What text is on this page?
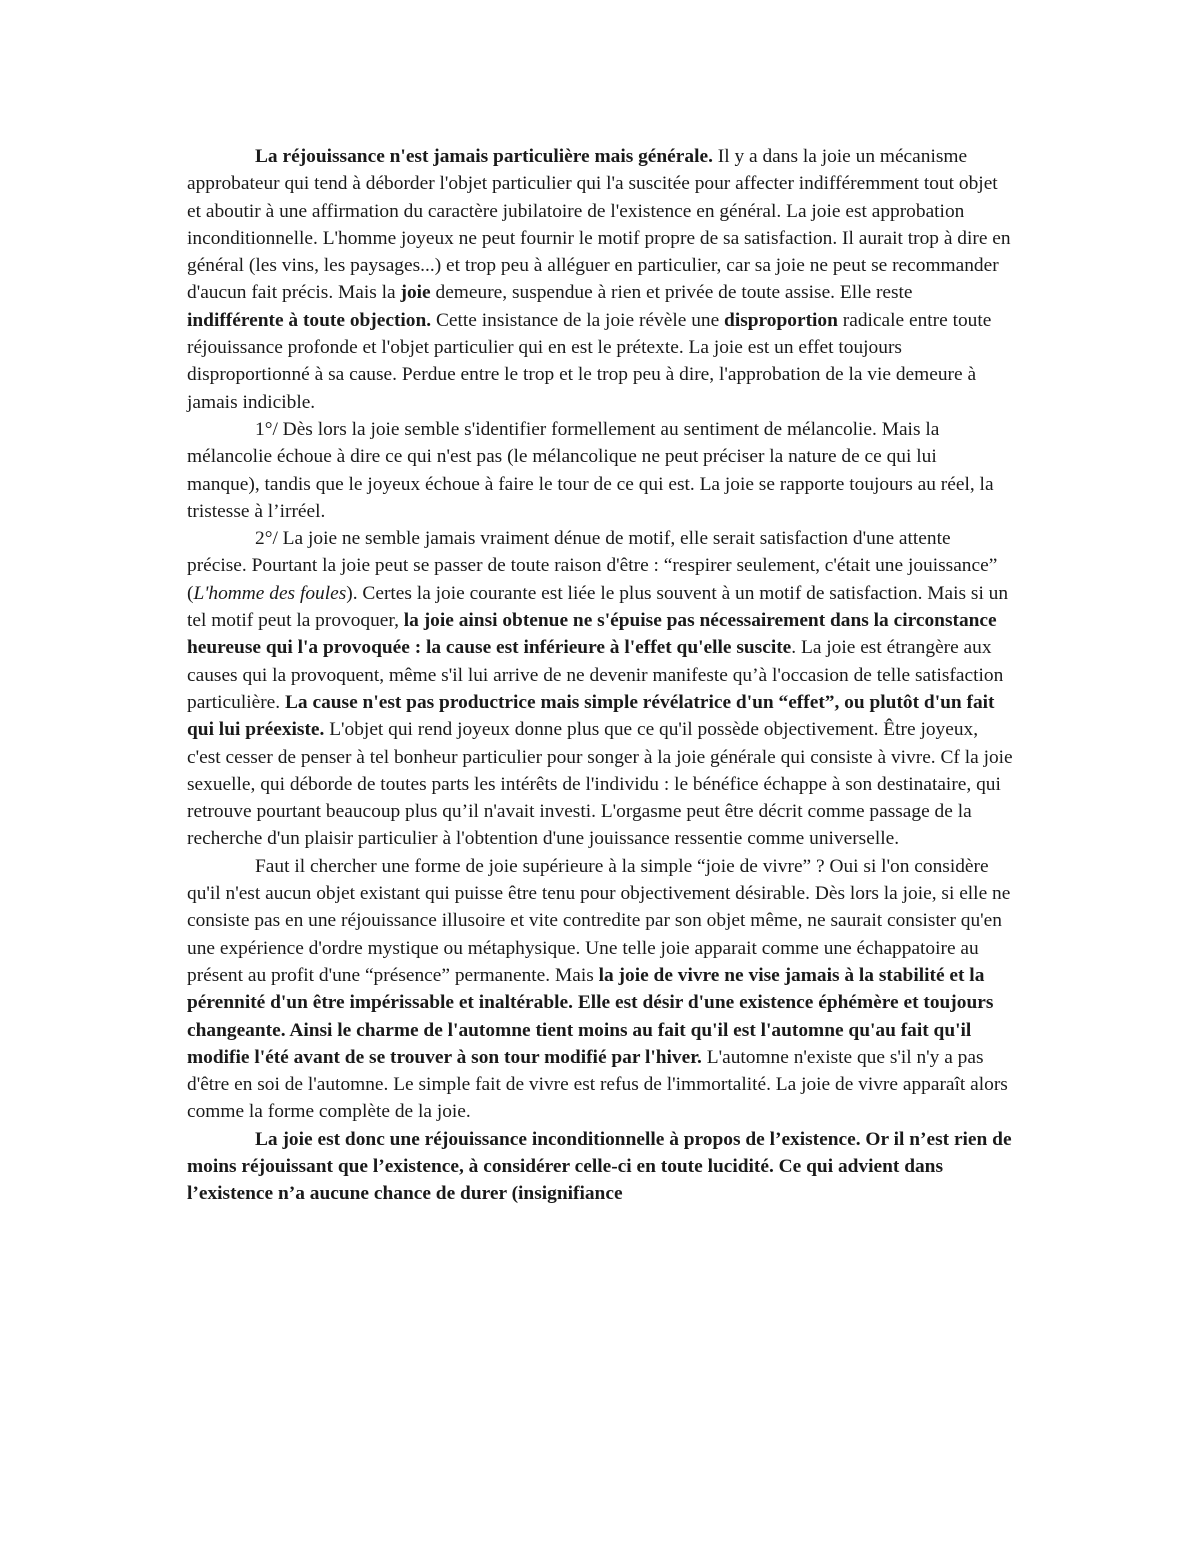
La réjouissance n'est jamais particulière mais générale. Il y a dans la joie un mécanisme approbateur qui tend à déborder l'objet particulier qui l'a suscitée pour affecter indifféremment tout objet et aboutir à une affirmation du caractère jubilatoire de l'existence en général. La joie est approbation inconditionnelle. L'homme joyeux ne peut fournir le motif propre de sa satisfaction. Il aurait trop à dire en général (les vins, les paysages...) et trop peu à alléguer en particulier, car sa joie ne peut se recommander d'aucun fait précis. Mais la joie demeure, suspendue à rien et privée de toute assise. Elle reste indifférente à toute objection. Cette insistance de la joie révèle une disproportion radicale entre toute réjouissance profonde et l'objet particulier qui en est le prétexte. La joie est un effet toujours disproportionné à sa cause. Perdue entre le trop et le trop peu à dire, l'approbation de la vie demeure à jamais indicible.

1°/ Dès lors la joie semble s'identifier formellement au sentiment de mélancolie. Mais la mélancolie échoue à dire ce qui n'est pas (le mélancolique ne peut préciser la nature de ce qui lui manque), tandis que le joyeux échoue à faire le tour de ce qui est. La joie se rapporte toujours au réel, la tristesse à l’irréel.

2°/ La joie ne semble jamais vraiment dénue de motif, elle serait satisfaction d'une attente précise. Pourtant la joie peut se passer de toute raison d'être : “respirer seulement, c'était une jouissance” (L'homme des foules). Certes la joie courante est liée le plus souvent à un motif de satisfaction. Mais si un tel motif peut la provoquer, la joie ainsi obtenue ne s'épuise pas nécessairement dans la circonstance heureuse qui l'a provoquée : la cause est inférieure à l'effet qu'elle suscite. La joie est étrangère aux causes qui la provoquent, même s'il lui arrive de ne devenir manifeste qu’à l'occasion de telle satisfaction particulière. La cause n'est pas productrice mais simple révélatrice d'un “effet”, ou plutôt d'un fait qui lui préexiste. L'objet qui rend joyeux donne plus que ce qu'il possède objectivement. Être joyeux, c'est cesser de penser à tel bonheur particulier pour songer à la joie générale qui consiste à vivre. Cf la joie sexuelle, qui déborde de toutes parts les intérêts de l'individu : le bénéfice échappe à son destinataire, qui retrouve pourtant beaucoup plus qu’il n'avait investi. L'orgasme peut être décrit comme passage de la recherche d'un plaisir particulier à l'obtention d'une jouissance ressentie comme universelle.

Faut il chercher une forme de joie supérieure à la simple “joie de vivre” ? Oui si l'on considère qu'il n'est aucun objet existant qui puisse être tenu pour objectivement désirable. Dès lors la joie, si elle ne consiste pas en une réjouissance illusoire et vite contredite par son objet même, ne saurait consister qu'en une expérience d'ordre mystique ou métaphysique. Une telle joie apparait comme une échappatoire au présent au profit d'une “présence” permanente. Mais la joie de vivre ne vise jamais à la stabilité et la pérennité d'un être impérissable et inaltérable. Elle est désir d'une existence éphémère et toujours changeante. Ainsi le charme de l'automne tient moins au fait qu'il est l'automne qu'au fait qu'il modifie l'été avant de se trouver à son tour modifié par l'hiver. L'automne n'existe que s'il n'y a pas d'être en soi de l'automne. Le simple fait de vivre est refus de l'immortalité. La joie de vivre apparaît alors comme la forme complète de la joie.

La joie est donc une réjouissance inconditionnelle à propos de l’existence. Or il n’est rien de moins réjouissant que l’existence, à considérer celle-ci en toute lucidité. Ce qui advient dans l’existence n’a aucune chance de durer (insignifiance
